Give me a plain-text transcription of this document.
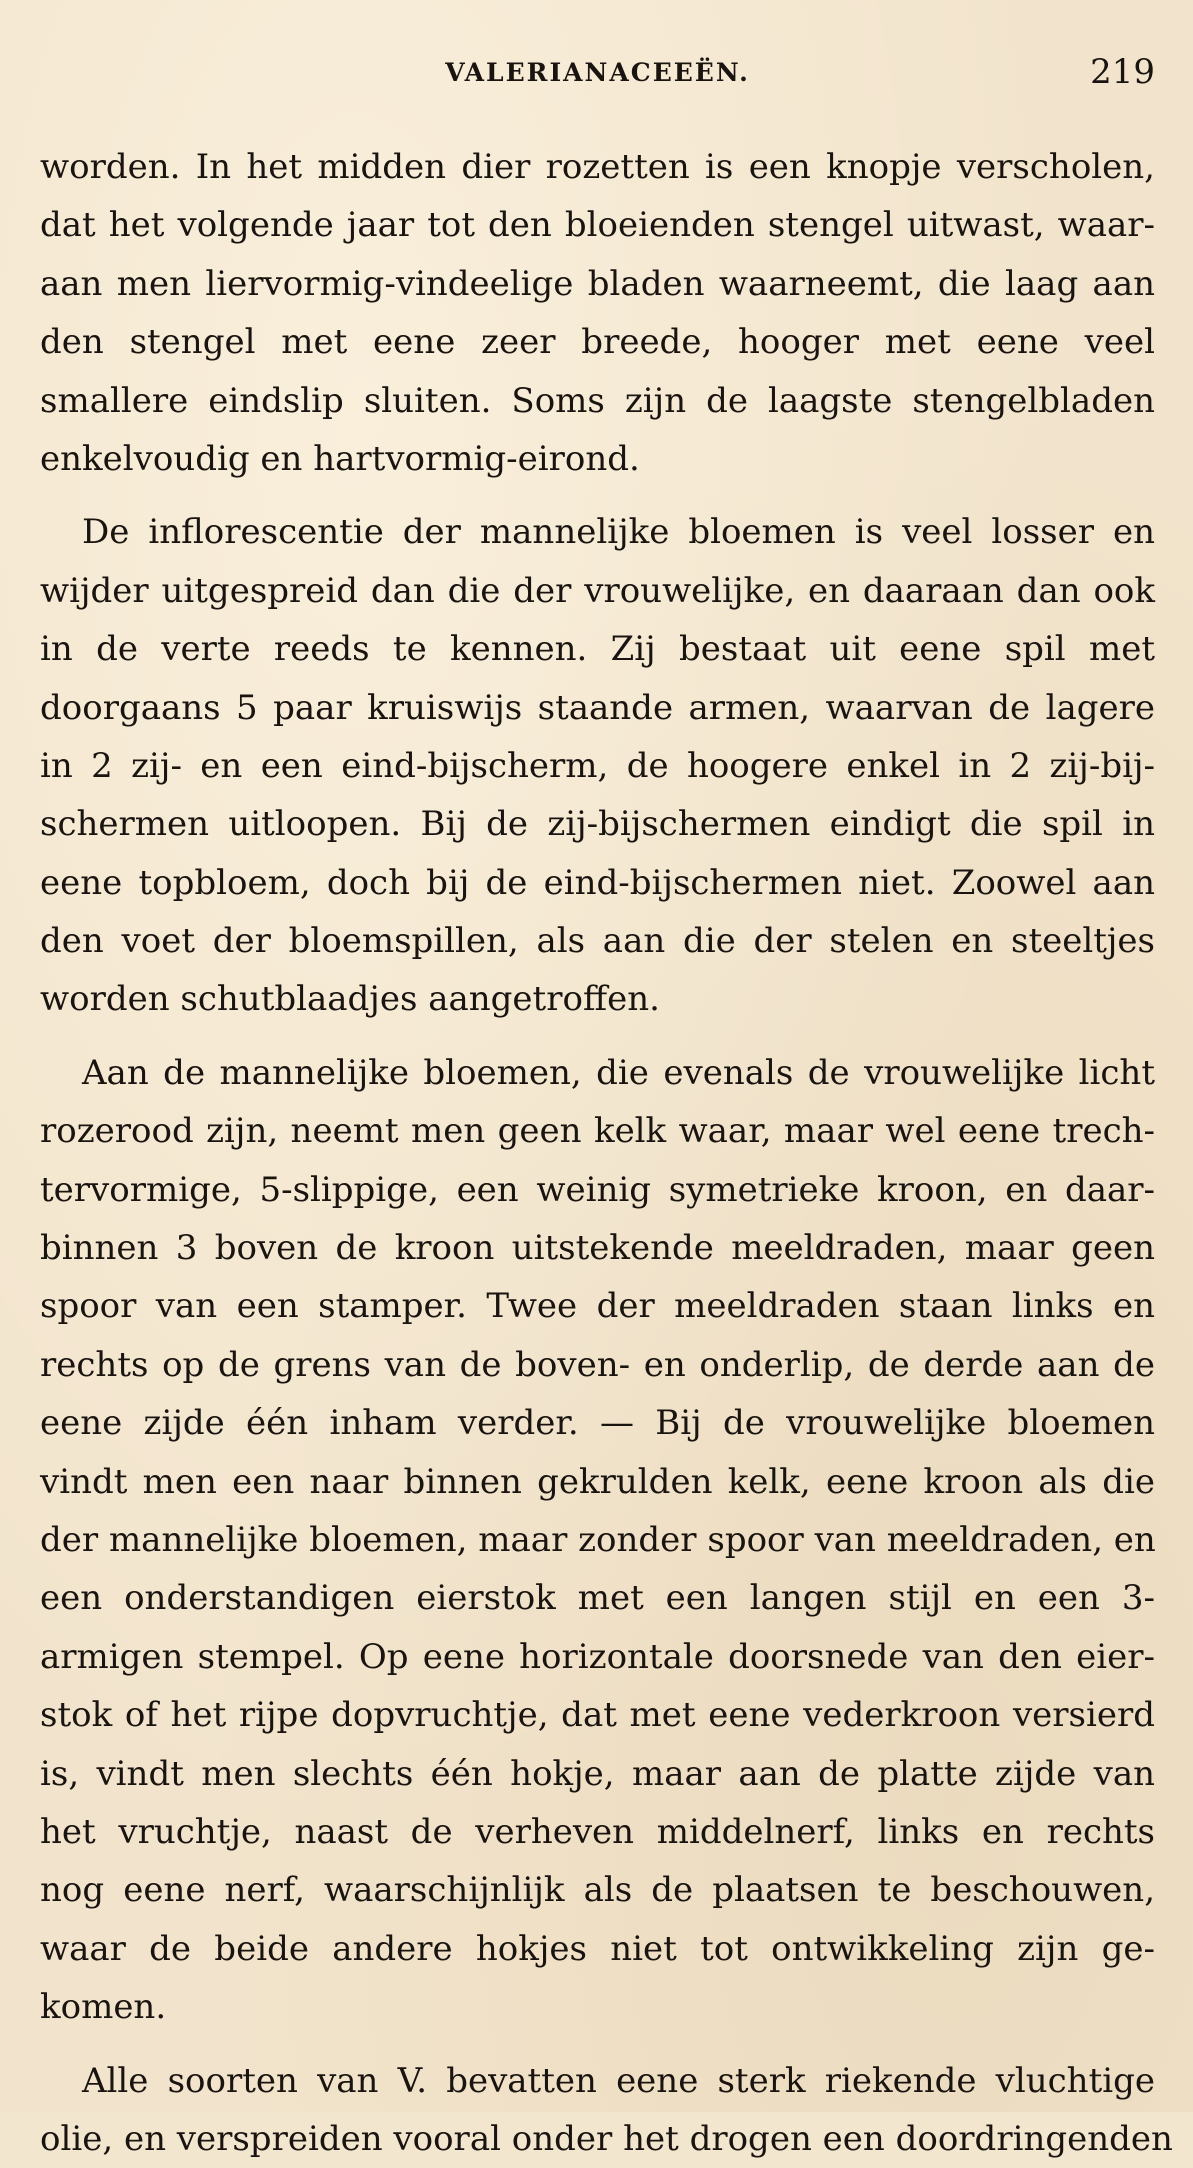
VALERIANACEEËN.	219
worden. In het midden dier rozetten is een knopje verscholen,
dat het volgende jaar tot den bloeienden stengel uitwast, waar-
aan men liervormig-vindeelige bladen waarneemt, die laag aan
den stengel met eene zeer breede, hooger met eene veel
smallere eindslip sluiten. Soms zijn de laagste stengelbladen
enkelvoudig en hartvormig-eirond.
De infloresc​entie der mannelijke bloemen is veel losser en
wijder uitgespreid dan die der vrouwelijke, en daaraan dan ook
in de verte reeds te kennen. Zij bestaat uit eene spil met
doorgaans 5 paar kruiswijs staande armen, waarvan de lagere
in 2 zij- en een eind-bijscherm, de hoogere enkel in 2 zij-bij-
schermen uitloopen. Bij de zij-bijschermen eindigt die spil in
eene topbloem, doch bij de eind-bijschermen niet. Zoowel aan
den voet der bloemspillen, als aan die der stelen en steeltjes
worden schutblaadjes aangetroffen.
Aan de mannelijke bloemen, die evenals de vrouwelijke licht
rozerood zijn, neemt men geen kelk waar, maar wel eene trech-
tervormige, 5-slippige, een weinig symetrieke kroon, en daar-
binnen 3 boven de kroon uitstekende meeldraden, maar geen
spoor van een stamper. Twee der meeldraden staan links en
rechts op de grens van de boven- en onderlip, de derde aan de
eene zijde één inham verder. — Bij de vrouwelijke bloemen
vindt men een naar binnen gekrulden kelk, eene kroon als die
der mannelijke bloemen, maar zonder spoor van meeldraden, en
een onderstandigen eierstok met een langen stijl en een 3-
armigen stempel. Op eene horizontale doorsnede van den eier-
stok of het rijpe dopvruchtje, dat met eene vederkroon versierd
is, vindt men slechts één hokje, maar aan de platte zijde van
het vruchtje, naast de verheven middelnerf, links en rechts
nog eene nerf, waarschijnlijk als de plaatsen te beschouwen,
waar de beide andere hokjes niet tot ontwikkeling zijn ge-
komen.
Alle soorten van V. bevatten eene sterk riekende vluchtige
olie, en verspreiden vooral onder het drogen een doordringenden
